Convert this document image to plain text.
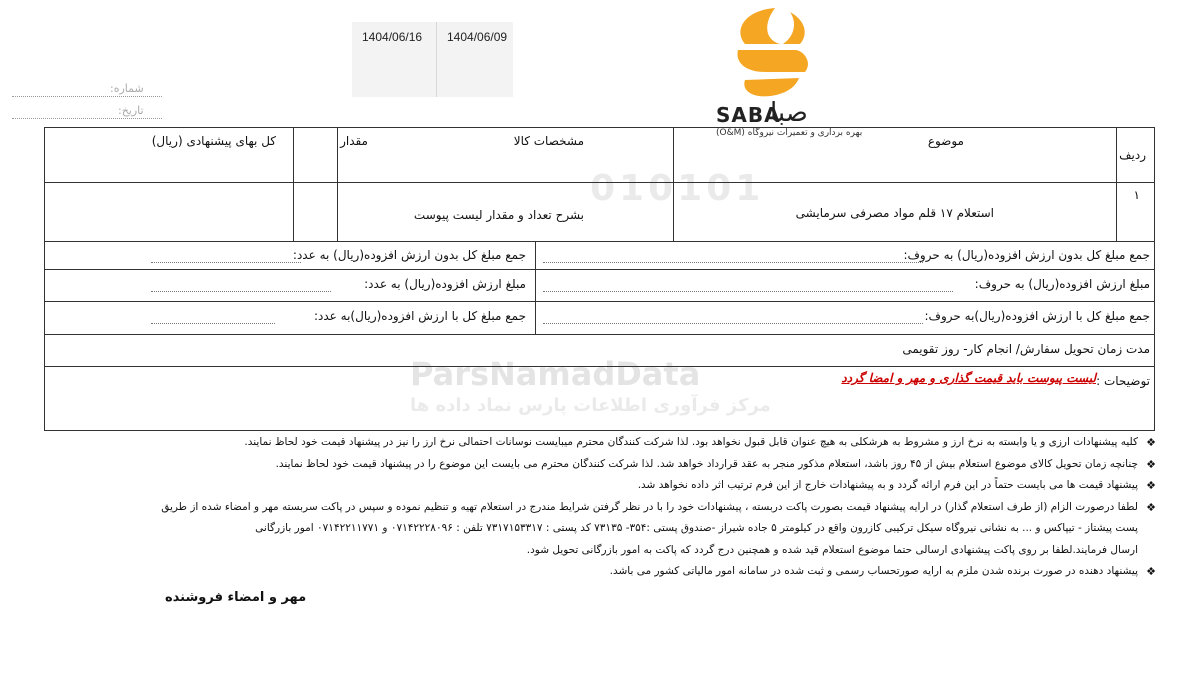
1404/06/16 1404/06/09
شماره:
تاریخ:	SABA
صبا
بهره برداری و تعمیرات نیروگاه (O&M)
010101
ParsNamadData
مرکز فرآوری اطلاعات پارس نماد داده ها
ردیف
موضوع
مشخصات کالا
مقدار
کل بهای پیشنهادی (ریال)
۱
استعلام ۱۷ قلم مواد مصرفی سرمایشی
بشرح تعداد و مقدار لیست پیوست
جمع مبلغ کل بدون ارزش افزوده(ریال) به حروف:
جمع مبلغ کل بدون ارزش افزوده(ریال) به عدد:
مبلغ ارزش افزوده(ریال) به حروف:
مبلغ ارزش افزوده(ریال) به عدد:
جمع مبلغ کل با ارزش افزوده(ریال)به حروف:
جمع مبلغ کل با ارزش افزوده(ریال)به عدد:
مدت زمان تحویل سفارش/ انجام کار- روز تقویمی
توضیحات :
لیست پیوست باید قیمت گذاری و مهر و امضا گردد
❖
کلیه پیشنهادات ارزی و یا وابسته به نرخ ارز و مشروط به هرشکلی به هیچ عنوان قابل قبول نخواهد بود. لذا شرکت کنندگان محترم میبایست نوسانات احتمالی نرخ ارز را نیز در پیشنهاد قیمت خود لحاظ نمایند.
❖
چنانچه زمان تحویل کالای موضوع استعلام بیش از ۴۵ روز باشد، استعلام مذکور منجر به عقد قرارداد خواهد شد. لذا شرکت کنندگان محترم می بایست این موضوع را در پیشنهاد قیمت خود لحاظ نمایند.
❖
پیشنهاد قیمت ها می بایست حتماً در این فرم ارائه گردد و به پیشنهادات خارج از این فرم ترتیب اثر داده نخواهد شد.
❖
لطفا درصورت الزام (از طرف استعلام گذار) در ارایه پیشنهاد قیمت بصورت پاکت دربسته ، پیشنهادات خود را با در نظر گرفتن شرایط مندرج در استعلام تهیه و تنظیم نموده و سپس در پاکت سربسته مهر و امضاء شده از طریق
پست پیشتاز - تیپاکس و ... به نشانی نیروگاه سیکل ترکیبی کازرون واقع در کیلومتر ۵ جاده شیراز -صندوق پستی :۳۵۴- ۷۳۱۳۵ کد پستی : ۷۳۱۷۱۵۳۳۱۷ تلفن : ۰۷۱۴۲۲۲۸۰۹۶ و ۰۷۱۴۲۲۱۱۷۷۱ امور بازرگانی
ارسال فرمایند.لطفا بر روی پاکت پیشنهادی ارسالی حتما موضوع استعلام قید شده و همچنین درج گردد که پاکت به امور بازرگانی تحویل شود.
❖
پیشنهاد دهنده در صورت برنده شدن ملزم به ارایه صورتحساب رسمی و ثبت شده در سامانه امور مالیاتی کشور می باشد.
مهر و امضاء فروشنده
